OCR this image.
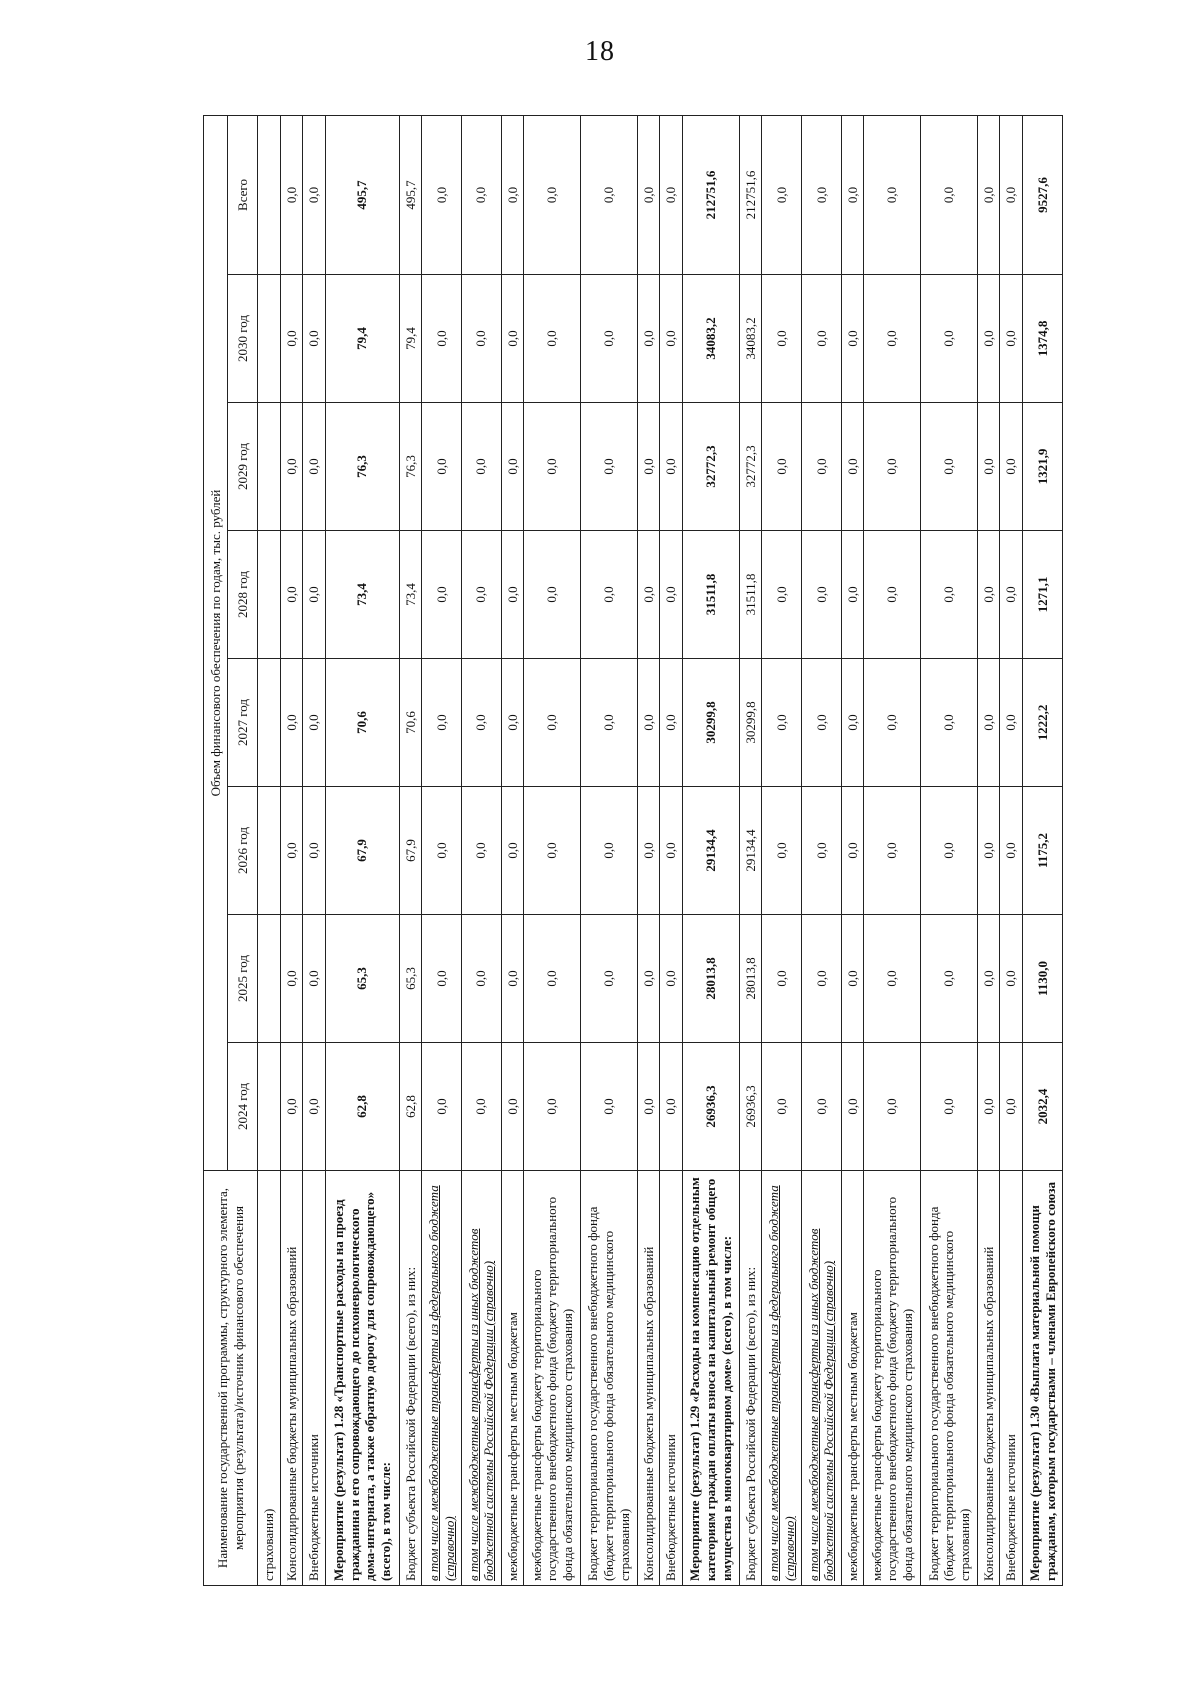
18
Наименование государственной программы, структурного элемента, мероприятия (результата)/источник финансового обеспечения	Объем финансового обеспечения по годам, тыс. рублей							
	2024 год	2025 год	2026 год	2027 год	2028 год	2029 год	2030 год	Всего
страхования)								
Консолидированные бюджеты муниципальных образований	0,0	0,0	0,0	0,0	0,0	0,0	0,0	0,0
Внебюджетные источники	0,0	0,0	0,0	0,0	0,0	0,0	0,0	0,0
Мероприятие (результат) 1.28 «Транспортные расходы на проезд гражданина и его сопровождающего до психоневрологического дома-интерната, а также обратную дорогу для сопровождающего» (всего), в том числе:	62,8	65,3	67,9	70,6	73,4	76,3	79,4	495,7
Бюджет субъекта Российской Федерации (всего), из них:	62,8	65,3	67,9	70,6	73,4	76,3	79,4	495,7
в том числе межбюджетные трансферты из федерального бюджета (справочно)	0,0	0,0	0,0	0,0	0,0	0,0	0,0	0,0
в том числе межбюджетные трансферты из иных бюджетов бюджетной системы Российской Федерации (справочно)	0,0	0,0	0,0	0,0	0,0	0,0	0,0	0,0
межбюджетные трансферты местным бюджетам	0,0	0,0	0,0	0,0	0,0	0,0	0,0	0,0
межбюджетные трансферты бюджету территориального государственного внебюджетного фонда (бюджету территориального фонда обязательного медицинского страхования)	0,0	0,0	0,0	0,0	0,0	0,0	0,0	0,0
Бюджет территориального государственного внебюджетного фонда (бюджет территориального фонда обязательного медицинского страхования)	0,0	0,0	0,0	0,0	0,0	0,0	0,0	0,0
Консолидированные бюджеты муниципальных образований	0,0	0,0	0,0	0,0	0,0	0,0	0,0	0,0
Внебюджетные источники	0,0	0,0	0,0	0,0	0,0	0,0	0,0	0,0
Мероприятие (результат) 1.29 «Расходы на компенсацию отдельным категориям граждан оплаты взноса на капитальный ремонт общего имущества в многоквартирном доме» (всего), в том числе:	26936,3	28013,8	29134,4	30299,8	31511,8	32772,3	34083,2	212751,6
Бюджет субъекта Российской Федерации (всего), из них:	26936,3	28013,8	29134,4	30299,8	31511,8	32772,3	34083,2	212751,6
в том числе межбюджетные трансферты из федерального бюджета (справочно)	0,0	0,0	0,0	0,0	0,0	0,0	0,0	0,0
в том числе межбюджетные трансферты из иных бюджетов бюджетной системы Российской Федерации (справочно)	0,0	0,0	0,0	0,0	0,0	0,0	0,0	0,0
межбюджетные трансферты местным бюджетам	0,0	0,0	0,0	0,0	0,0	0,0	0,0	0,0
межбюджетные трансферты бюджету территориального государственного внебюджетного фонда (бюджету территориального фонда обязательного медицинского страхования)	0,0	0,0	0,0	0,0	0,0	0,0	0,0	0,0
Бюджет территориального государственного внебюджетного фонда (бюджет территориального фонда обязательного медицинского страхования)	0,0	0,0	0,0	0,0	0,0	0,0	0,0	0,0
Консолидированные бюджеты муниципальных образований	0,0	0,0	0,0	0,0	0,0	0,0	0,0	0,0
Внебюджетные источники	0,0	0,0	0,0	0,0	0,0	0,0	0,0	0,0
Мероприятие (результат) 1.30 «Выплата материальной помощи гражданам, которым государствами – членами Европейского союза	2032,4	1130,0	1175,2	1222,2	1271,1	1321,9	1374,8	9527,6
